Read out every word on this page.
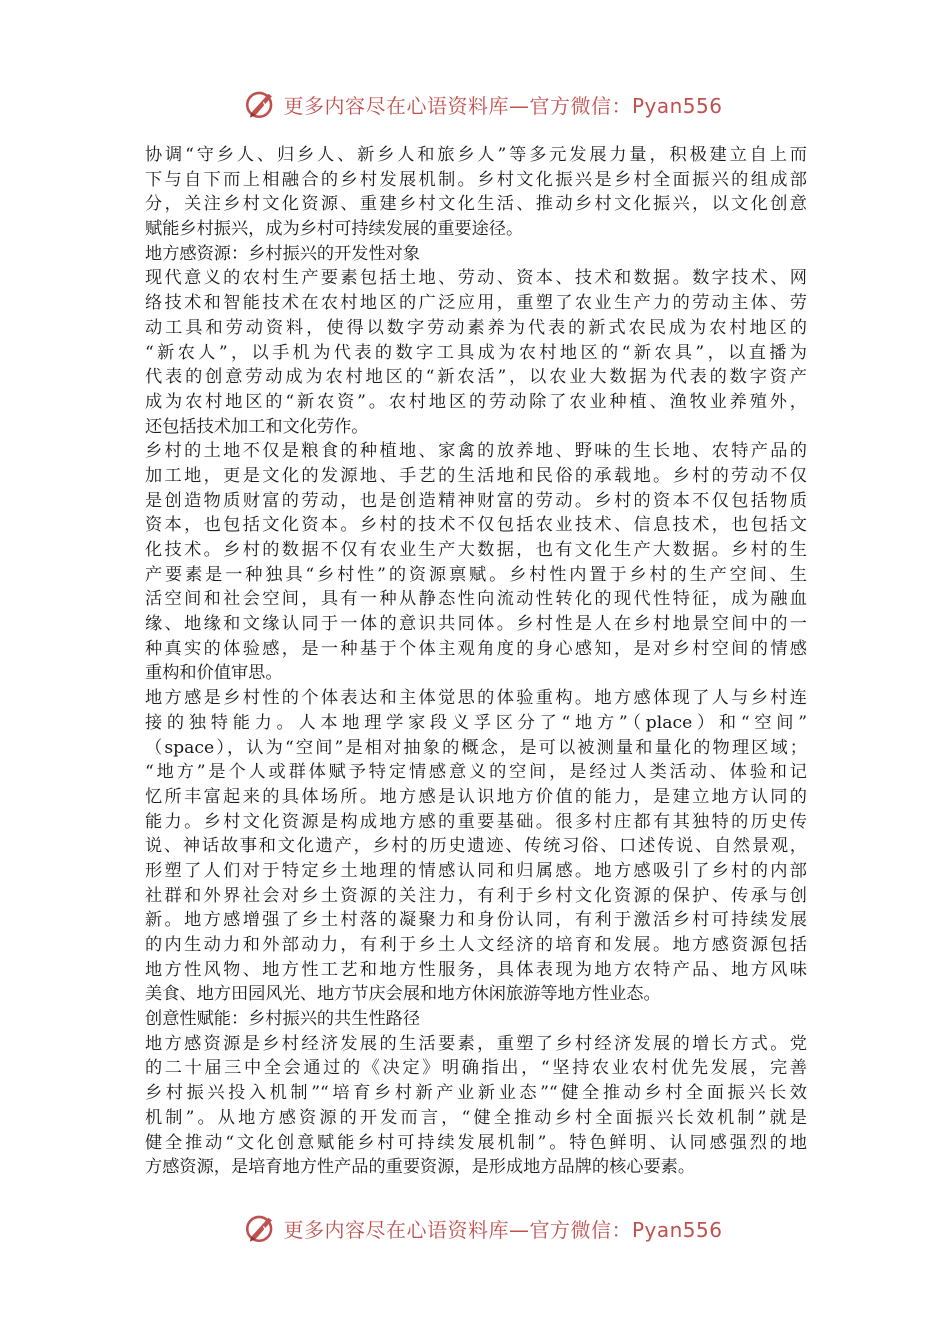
更多内容尽在心语资料库—官方微信：Pyan556
协调“守乡人、归乡人、新乡人和旅乡人”等多元发展力量，积极建立自上而
下与自下而上相融合的乡村发展机制。乡村文化振兴是乡村全面振兴的组成部
分，关注乡村文化资源、重建乡村文化生活、推动乡村文化振兴，以文化创意
赋能乡村振兴，成为乡村可持续发展的重要途径。
地方感资源：乡村振兴的开发性对象
现代意义的农村生产要素包括土地、劳动、资本、技术和数据。数字技术、网
络技术和智能技术在农村地区的广泛应用，重塑了农业生产力的劳动主体、劳
动工具和劳动资料，使得以数字劳动素养为代表的新式农民成为农村地区的
“新农人”，以手机为代表的数字工具成为农村地区的“新农具”，以直播为
代表的创意劳动成为农村地区的“新农活”，以农业大数据为代表的数字资产
成为农村地区的“新农资”。农村地区的劳动除了农业种植、渔牧业养殖外，
还包括技术加工和文化劳作。
乡村的土地不仅是粮食的种植地、家禽的放养地、野味的生长地、农特产品的
加工地，更是文化的发源地、手艺的生活地和民俗的承载地。乡村的劳动不仅
是创造物质财富的劳动，也是创造精神财富的劳动。乡村的资本不仅包括物质
资本，也包括文化资本。乡村的技术不仅包括农业技术、信息技术，也包括文
化技术。乡村的数据不仅有农业生产大数据，也有文化生产大数据。乡村的生
产要素是一种独具“乡村性”的资源禀赋。乡村性内置于乡村的生产空间、生
活空间和社会空间，具有一种从静态性向流动性转化的现代性特征，成为融血
缘、地缘和文缘认同于一体的意识共同体。乡村性是人在乡村地景空间中的一
种真实的体验感，是一种基于个体主观角度的身心感知，是对乡村空间的情感
重构和价值审思。
地方感是乡村性的个体表达和主体觉思的体验重构。地方感体现了人与乡村连
接的独特能力。人本地理学家段义孚区分了“地方”（place）和“空间”
（space），认为“空间”是相对抽象的概念，是可以被测量和量化的物理区域；
“地方”是个人或群体赋予特定情感意义的空间，是经过人类活动、体验和记
忆所丰富起来的具体场所。地方感是认识地方价值的能力，是建立地方认同的
能力。乡村文化资源是构成地方感的重要基础。很多村庄都有其独特的历史传
说、神话故事和文化遗产，乡村的历史遗迹、传统习俗、口述传说、自然景观，
形塑了人们对于特定乡土地理的情感认同和归属感。地方感吸引了乡村的内部
社群和外界社会对乡土资源的关注力，有利于乡村文化资源的保护、传承与创
新。地方感增强了乡土村落的凝聚力和身份认同，有利于激活乡村可持续发展
的内生动力和外部动力，有利于乡土人文经济的培育和发展。地方感资源包括
地方性风物、地方性工艺和地方性服务，具体表现为地方农特产品、地方风味
美食、地方田园风光、地方节庆会展和地方休闲旅游等地方性业态。
创意性赋能：乡村振兴的共生性路径
地方感资源是乡村经济发展的生活要素，重塑了乡村经济发展的增长方式。党
的二十届三中全会通过的《决定》明确指出，“坚持农业农村优先发展，完善
乡村振兴投入机制”“培育乡村新产业新业态”“健全推动乡村全面振兴长效
机制”。从地方感资源的开发而言，“健全推动乡村全面振兴长效机制”就是
健全推动“文化创意赋能乡村可持续发展机制”。特色鲜明、认同感强烈的地
方感资源，是培育地方性产品的重要资源，是形成地方品牌的核心要素。
更多内容尽在心语资料库—官方微信：Pyan556
